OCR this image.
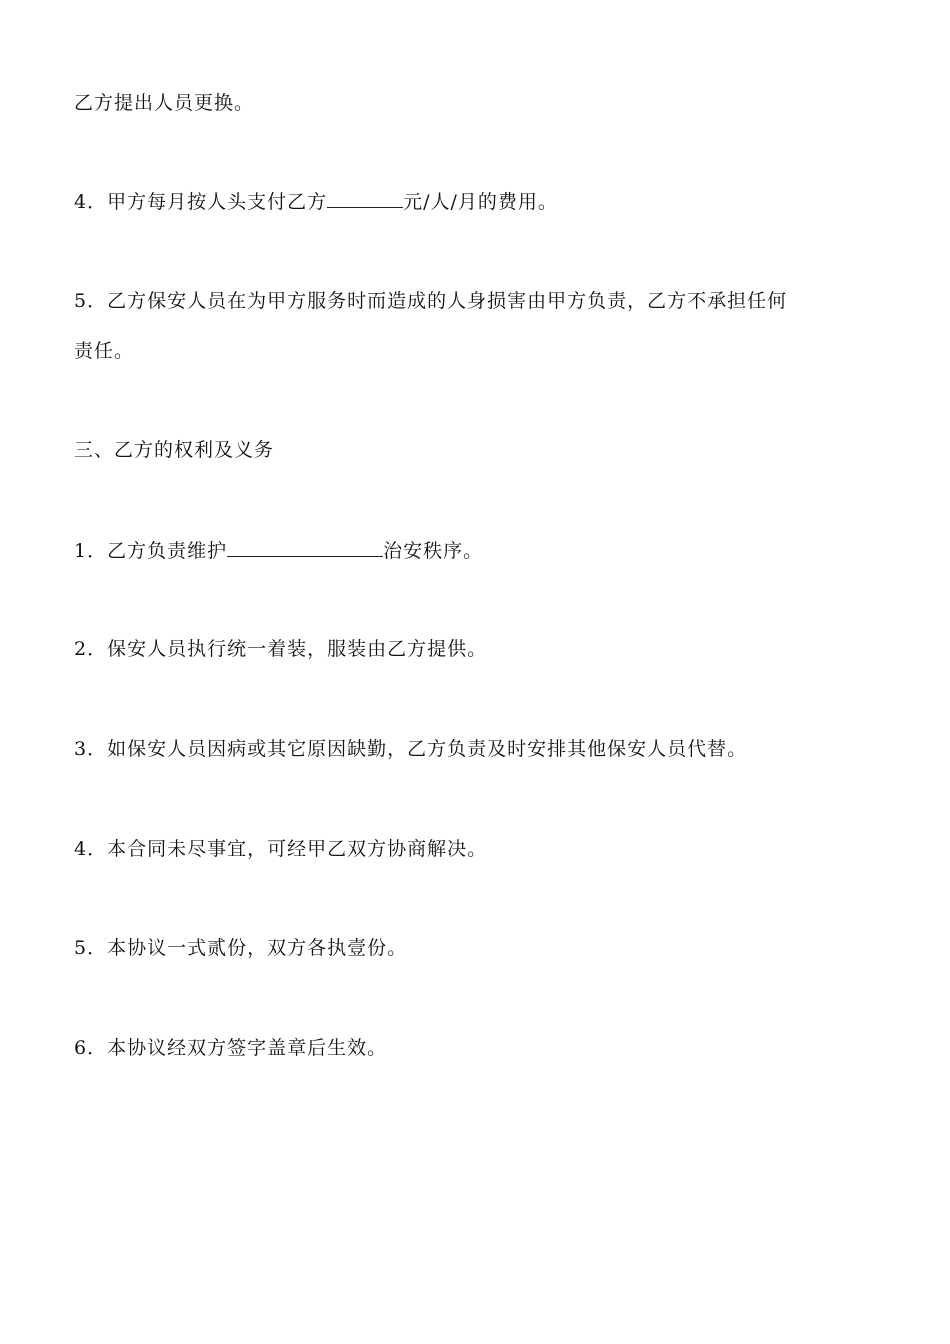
乙方提出人员更换。
4．甲方每月按人头支付乙方	元/人/月的费用。
5．乙方保安人员在为甲方服务时而造成的人身损害由甲方负责，乙方不承担任何
责任。
三、乙方的权利及义务
1．乙方负责维护	治安秩序。
2．保安人员执行统一着装，服装由乙方提供。
3．如保安人员因病或其它原因缺勤，乙方负责及时安排其他保安人员代替。
4．本合同未尽事宜，可经甲乙双方协商解决。
5．本协议一式贰份，双方各执壹份。
6．本协议经双方签字盖章后生效。
